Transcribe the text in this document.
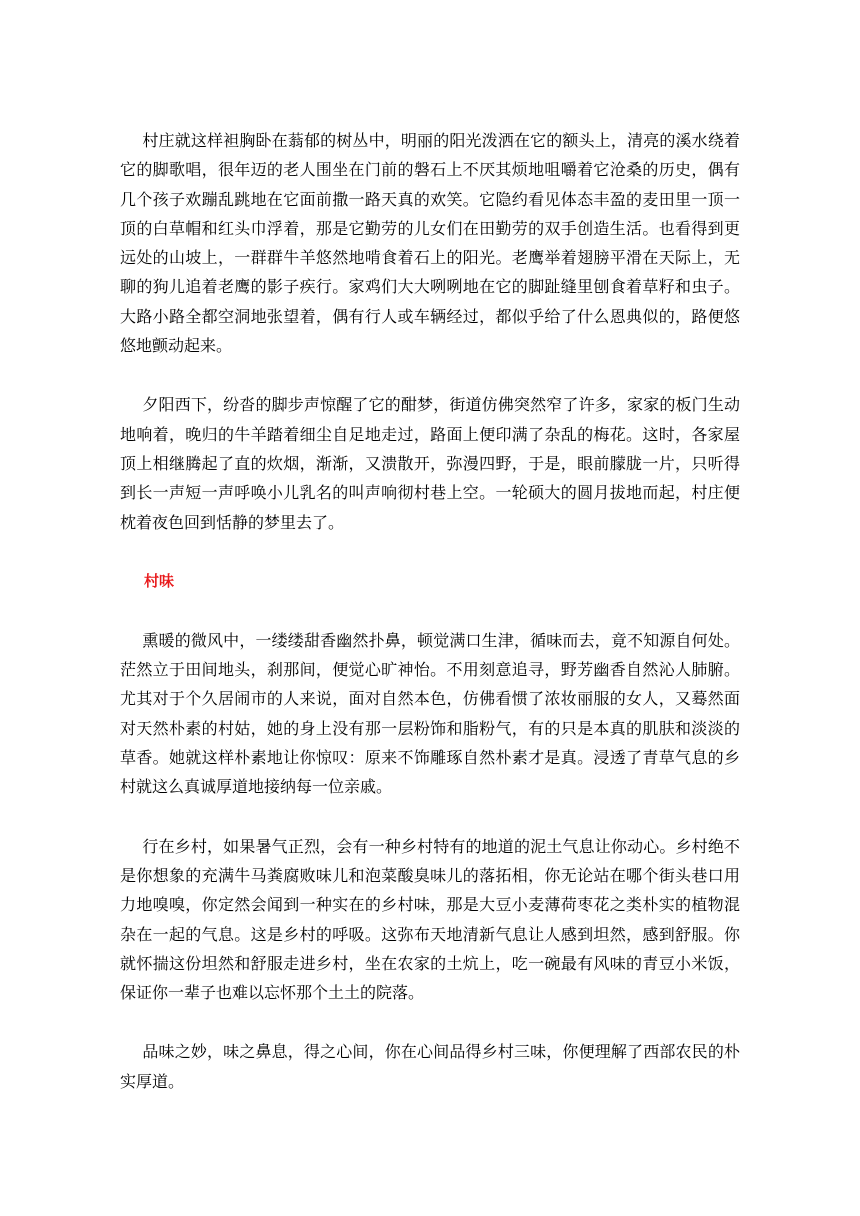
村庄就这样袒胸卧在蓊郁的树丛中，明丽的阳光泼洒在它的额头上，清亮的溪水绕着它的脚歌唱，很年迈的老人围坐在门前的磐石上不厌其烦地咀嚼着它沧桑的历史，偶有几个孩子欢蹦乱跳地在它面前撒一路天真的欢笑。它隐约看见体态丰盈的麦田里一顶一顶的白草帽和红头巾浮着，那是它勤劳的儿女们在田勤劳的双手创造生活。也看得到更远处的山坡上，一群群牛羊悠然地啃食着石上的阳光。老鹰举着翅膀平滑在天际上，无聊的狗儿追着老鹰的影子疾行。家鸡们大大咧咧地在它的脚趾缝里刨食着草籽和虫子。大路小路全都空洞地张望着，偶有行人或车辆经过，都似乎给了什么恩典似的，路便悠悠地颤动起来。

夕阳西下，纷沓的脚步声惊醒了它的酣梦，街道仿佛突然窄了许多，家家的板门生动地响着，晚归的牛羊踏着细尘自足地走过，路面上便印满了杂乱的梅花。这时，各家屋顶上相继腾起了直的炊烟，渐渐，又溃散开，弥漫四野，于是，眼前朦胧一片，只听得到长一声短一声呼唤小儿乳名的叫声响彻村巷上空。一轮硕大的圆月拔地而起，村庄便枕着夜色回到恬静的梦里去了。

村味

熏暖的微风中，一缕缕甜香幽然扑鼻，顿觉满口生津，循味而去，竟不知源自何处。茫然立于田间地头，刹那间，便觉心旷神怡。不用刻意追寻，野芳幽香自然沁人肺腑。尤其对于个久居闹市的人来说，面对自然本色，仿佛看惯了浓妆丽服的女人，又蓦然面对天然朴素的村姑，她的身上没有那一层粉饰和脂粉气，有的只是本真的肌肤和淡淡的草香。她就这样朴素地让你惊叹：原来不饰雕琢自然朴素才是真。浸透了青草气息的乡村就这么真诚厚道地接纳每一位亲戚。

行在乡村，如果暑气正烈，会有一种乡村特有的地道的泥土气息让你动心。乡村绝不是你想象的充满牛马粪腐败味儿和泡菜酸臭味儿的落拓相，你无论站在哪个街头巷口用力地嗅嗅，你定然会闻到一种实在的乡村味，那是大豆小麦薄荷枣花之类朴实的植物混杂在一起的气息。这是乡村的呼吸。这弥布天地清新气息让人感到坦然，感到舒服。你就怀揣这份坦然和舒服走进乡村，坐在农家的土炕上，吃一碗最有风味的青豆小米饭，保证你一辈子也难以忘怀那个土土的院落。

品味之妙，味之鼻息，得之心间，你在心间品得乡村三味，你便理解了西部农民的朴实厚道。
